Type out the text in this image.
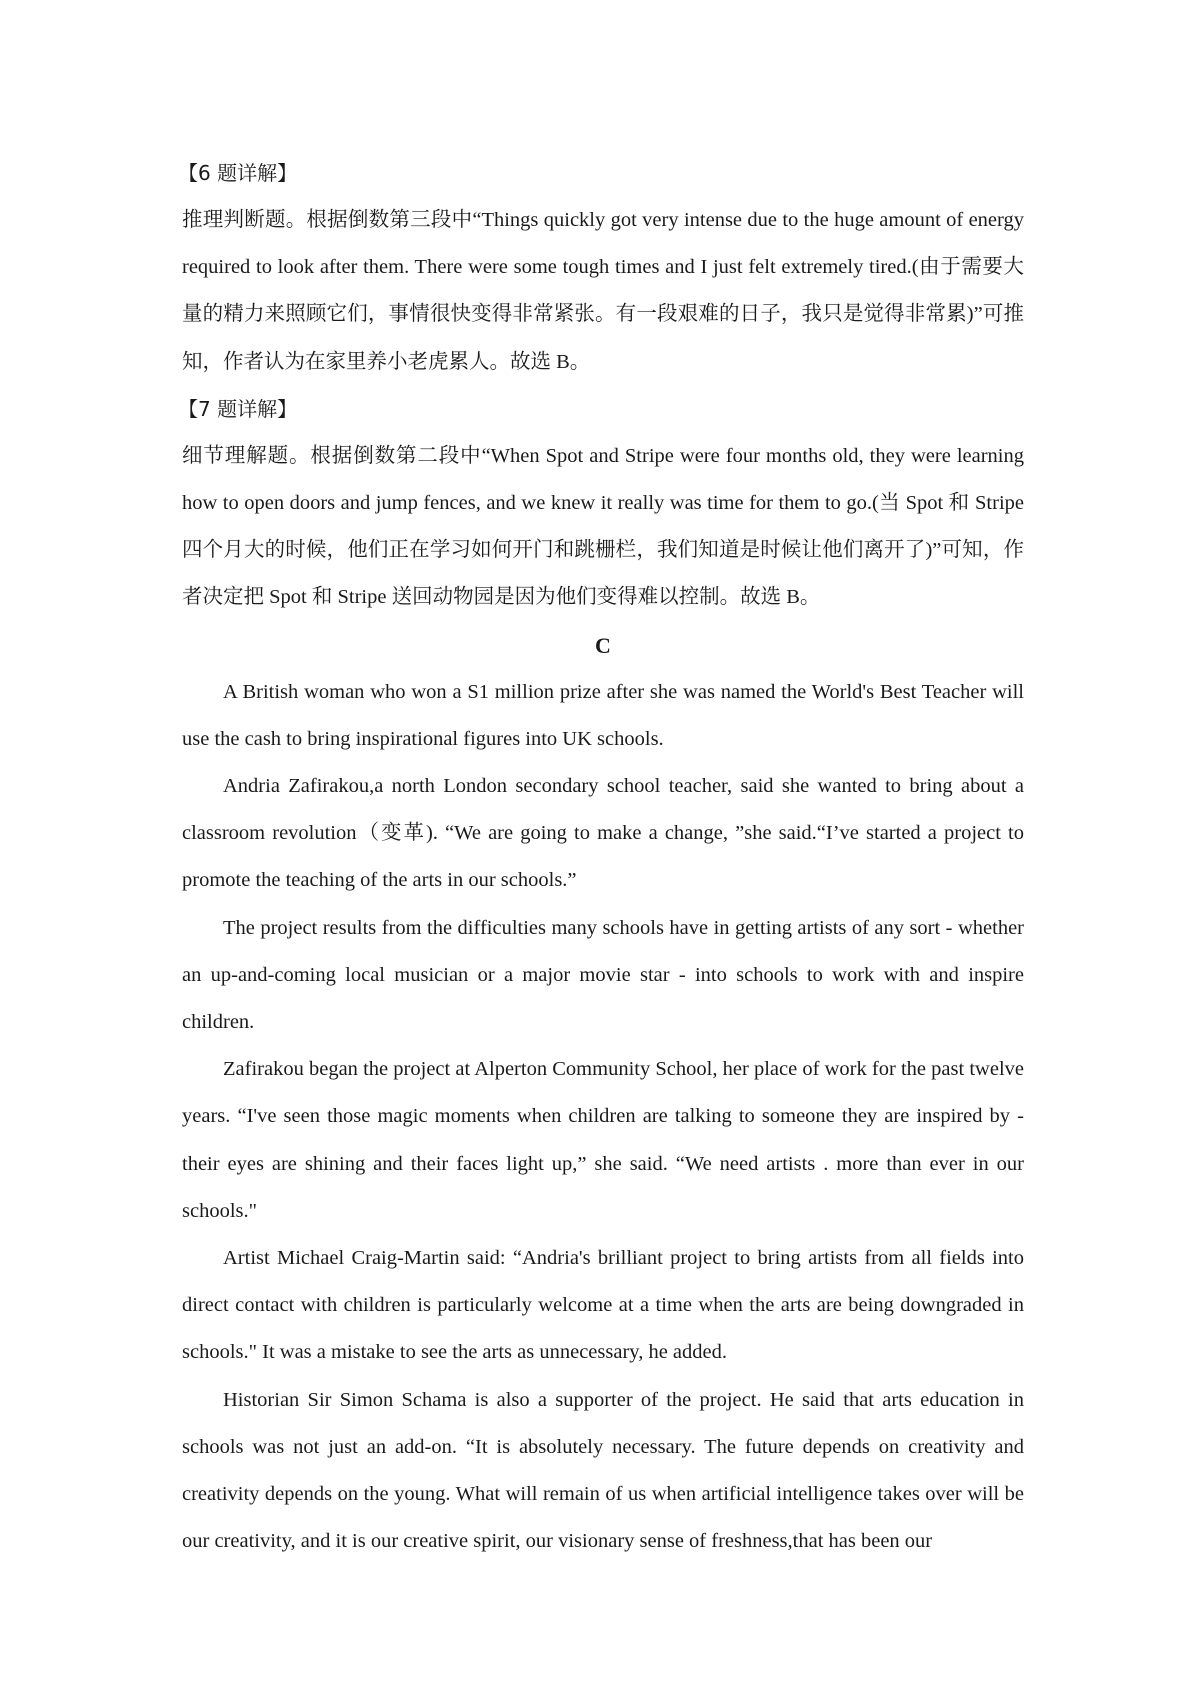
【6 题详解】

推理判断题。根据倒数第三段中“Things quickly got very intense due to the huge amount of energy required to look after them. There were some tough times and I just felt extremely tired.(由于需要大量的精力来照顾它们，事情很快变得非常紧张。有一段艰难的日子，我只是觉得非常累)”可推知，作者认为在家里养小老虎累人。故选 B。

【7 题详解】

细节理解题。根据倒数第二段中“When Spot and Stripe were four months old, they were learning how to open doors and jump fences, and we knew it really was time for them to go.(当 Spot 和 Stripe 四个月大的时候，他们正在学习如何开门和跳栅栏，我们知道是时候让他们离开了)”可知，作者决定把 Spot 和 Stripe 送回动物园是因为他们变得难以控制。故选 B。

C

A British woman who won a S1 million prize after she was named the World's Best Teacher will use the cash to bring inspirational figures into UK schools.

Andria Zafirakou,a north London secondary school teacher, said she wanted to bring about a classroom revolution（变革). “We are going to make a change, ”she said.“I’ve started a project to promote the teaching of the arts in our schools.”

The project results from the difficulties many schools have in getting artists of any sort - whether an up-and-coming local musician or a major movie star - into schools to work with and inspire children.

Zafirakou began the project at Alperton Community School, her place of work for the past twelve years. “I've seen those magic moments when children are talking to someone they are inspired by - their eyes are shining and their faces light up,” she said. “We need artists . more than ever in our schools."

Artist Michael Craig-Martin said: “Andria's brilliant project to bring artists from all fields into direct contact with children is particularly welcome at a time when the arts are being downgraded in schools." It was a mistake to see the arts as unnecessary, he added.

Historian Sir Simon Schama is also a supporter of the project. He said that arts education in schools was not just an add-on. “It is absolutely necessary. The future depends on creativity and creativity depends on the young. What will remain of us when artificial intelligence takes over will be our creativity, and it is our creative spirit, our visionary sense of freshness,that has been our
